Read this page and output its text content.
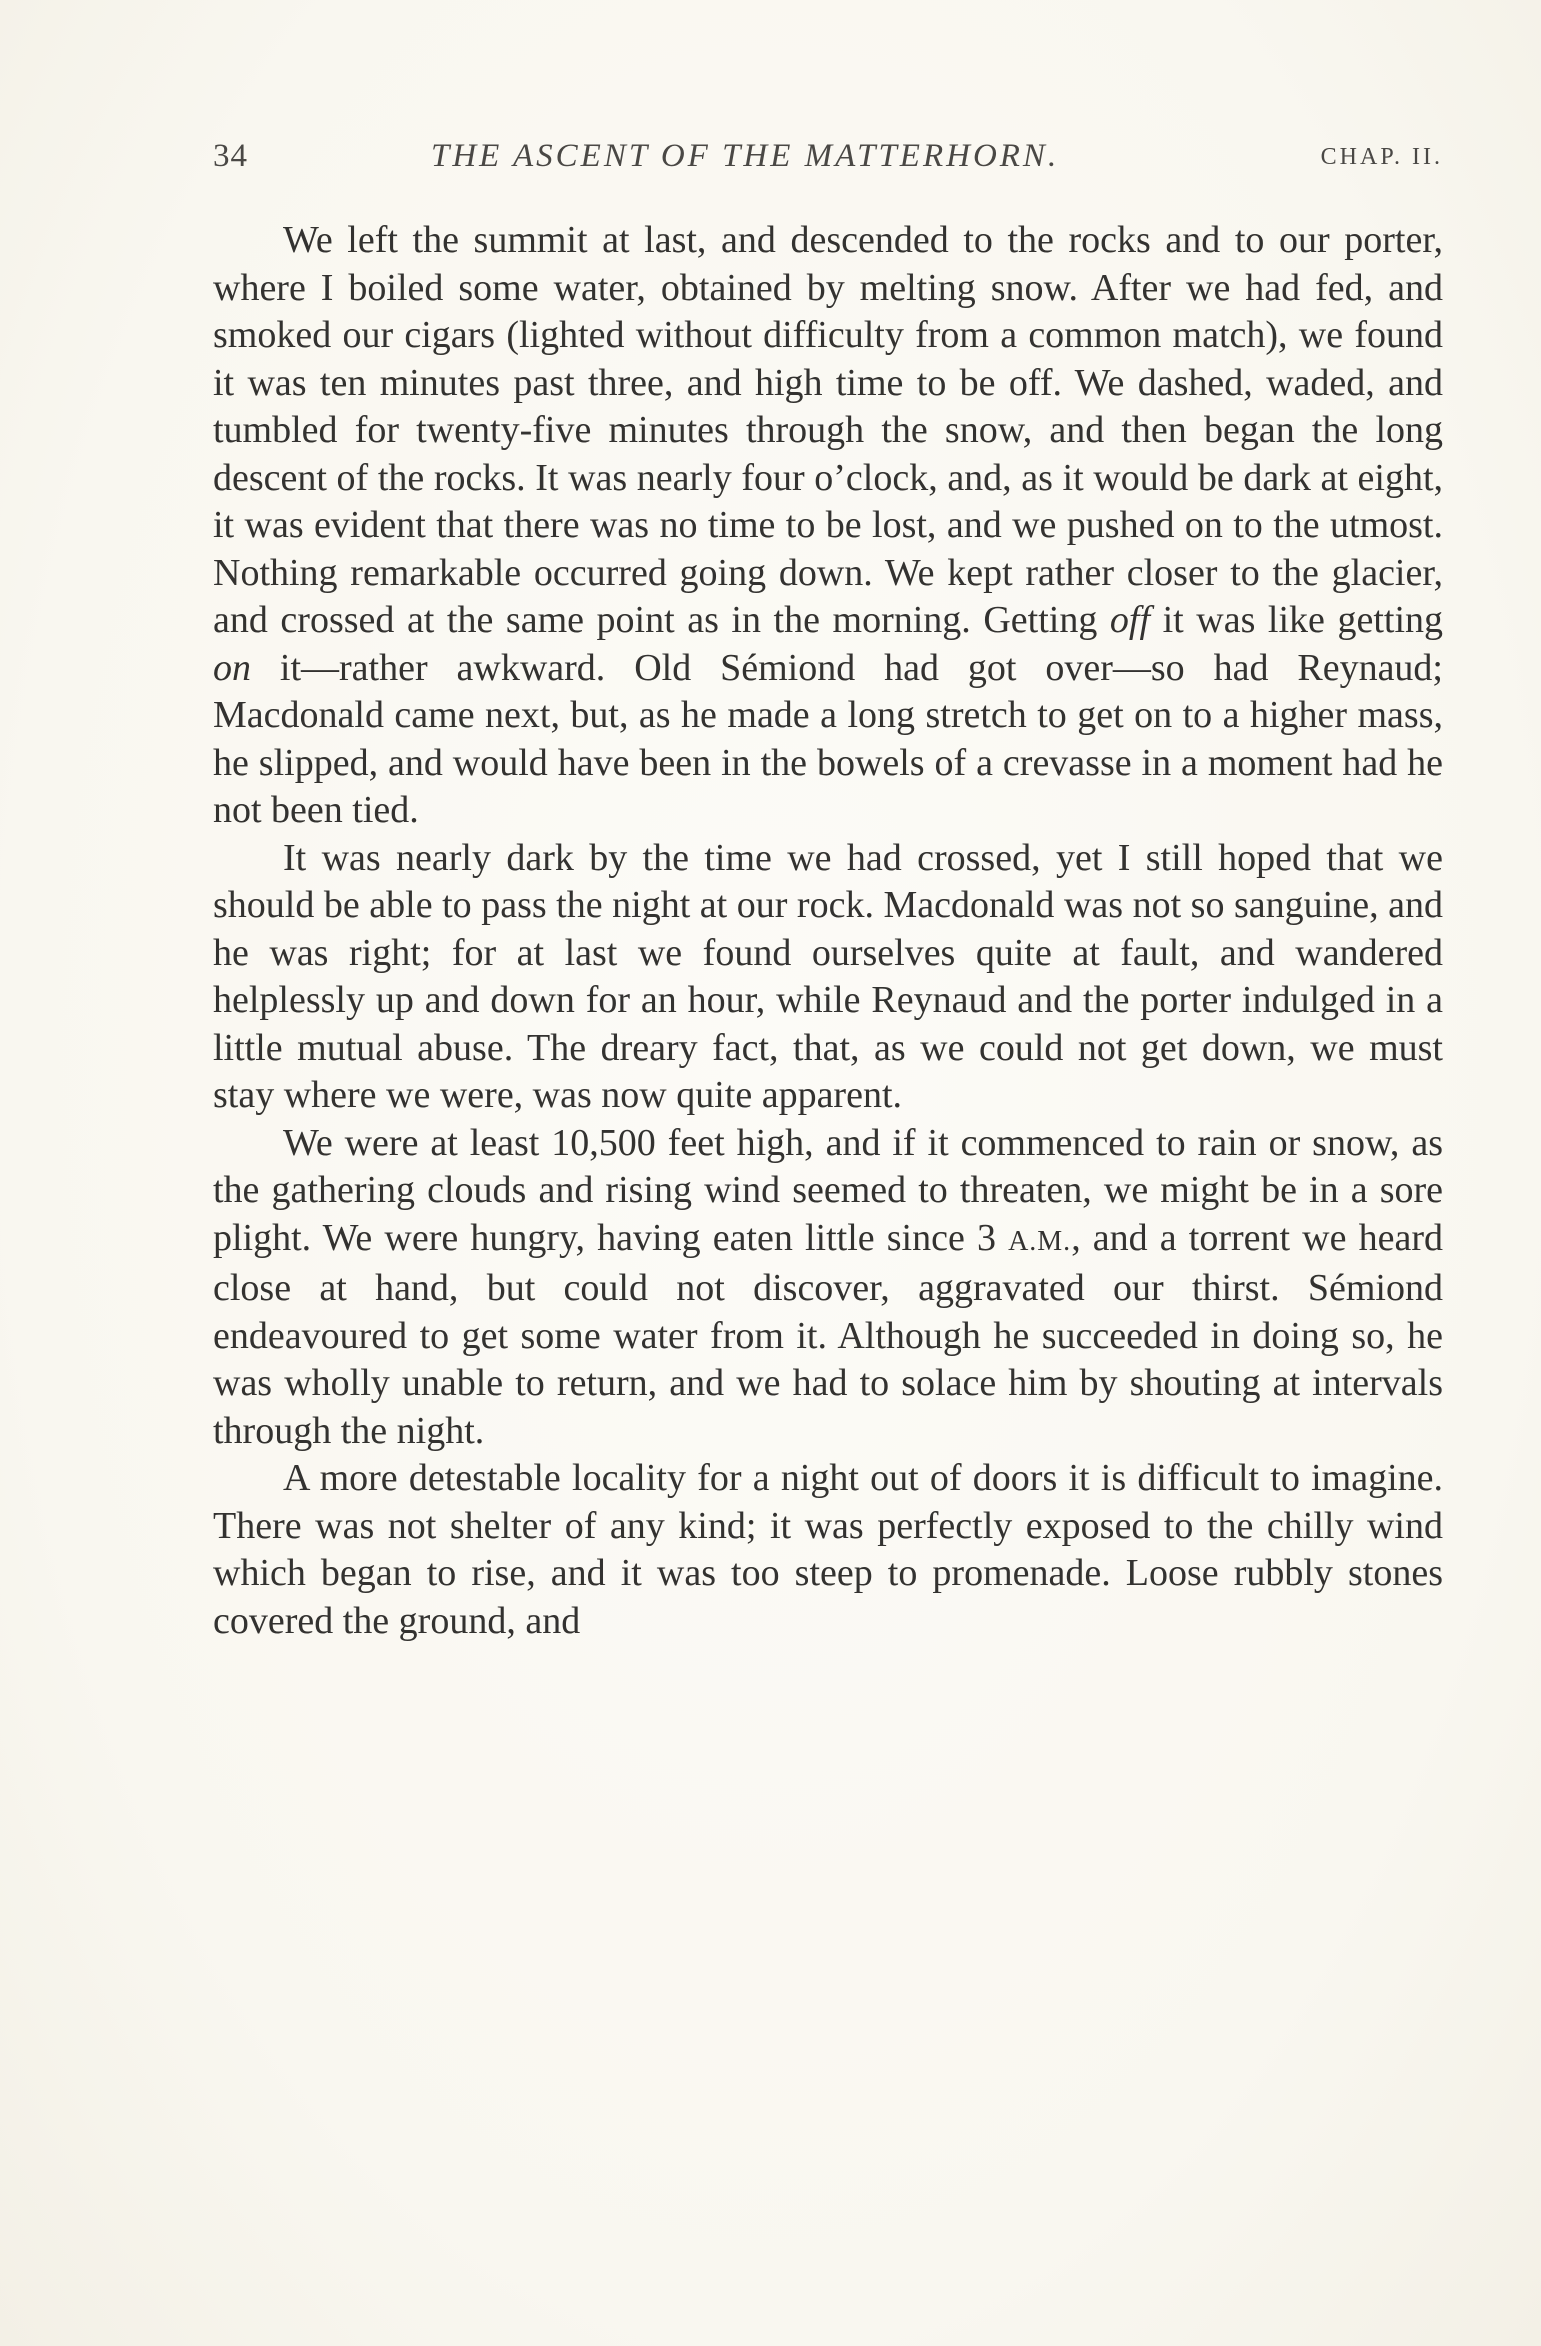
34	THE ASCENT OF THE MATTERHORN.	CHAP. II.

We left the summit at last, and descended to the rocks and to our porter, where I boiled some water, obtained by melting snow. After we had fed, and smoked our cigars (lighted without difficulty from a common match), we found it was ten minutes past three, and high time to be off. We dashed, waded, and tumbled for twenty-five minutes through the snow, and then began the long descent of the rocks. It was nearly four o’clock, and, as it would be dark at eight, it was evident that there was no time to be lost, and we pushed on to the utmost. Nothing remarkable occurred going down. We kept rather closer to the glacier, and crossed at the same point as in the morning. Getting off it was like getting on it—rather awkward. Old Sémiond had got over—so had Reynaud; Macdonald came next, but, as he made a long stretch to get on to a higher mass, he slipped, and would have been in the bowels of a crevasse in a moment had he not been tied.

It was nearly dark by the time we had crossed, yet I still hoped that we should be able to pass the night at our rock. Macdonald was not so sanguine, and he was right; for at last we found ourselves quite at fault, and wandered helplessly up and down for an hour, while Reynaud and the porter indulged in a little mutual abuse. The dreary fact, that, as we could not get down, we must stay where we were, was now quite apparent.

We were at least 10,500 feet high, and if it commenced to rain or snow, as the gathering clouds and rising wind seemed to threaten, we might be in a sore plight. We were hungry, having eaten little since 3 A.M., and a torrent we heard close at hand, but could not discover, aggravated our thirst. Sémiond endeavoured to get some water from it. Although he succeeded in doing so, he was wholly unable to return, and we had to solace him by shouting at intervals through the night.

A more detestable locality for a night out of doors it is difficult to imagine. There was not shelter of any kind; it was perfectly exposed to the chilly wind which began to rise, and it was too steep to promenade. Loose rubbly stones covered the ground, and
